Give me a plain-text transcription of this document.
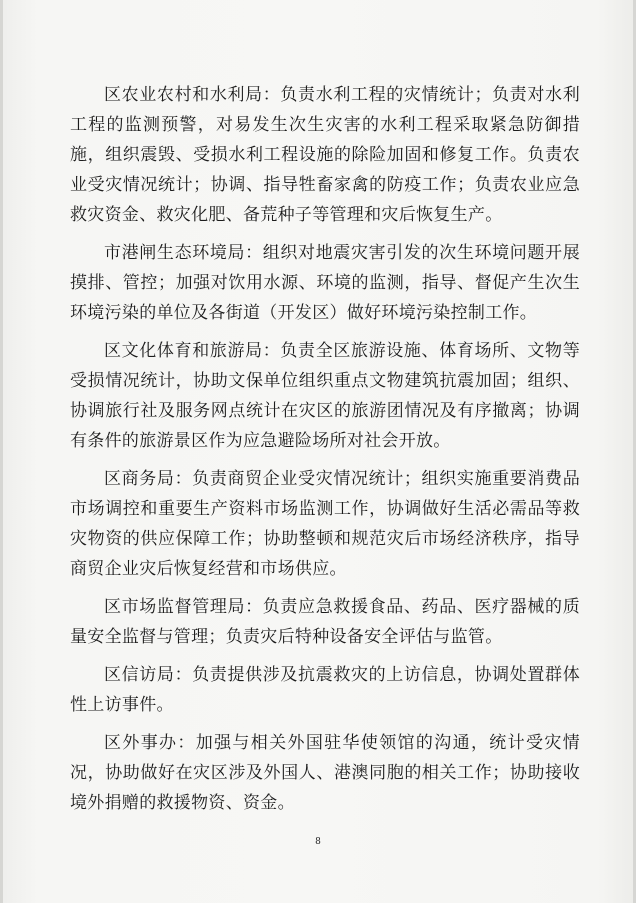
区农业农村和水利局：负责水利工程的灾情统计；负责对水利工程的监测预警，对易发生次生灾害的水利工程采取紧急防御措施，组织震毁、受损水利工程设施的除险加固和修复工作。负责农业受灾情况统计；协调、指导牲畜家禽的防疫工作；负责农业应急救灾资金、救灾化肥、备荒种子等管理和灾后恢复生产。

市港闸生态环境局：组织对地震灾害引发的次生环境问题开展摸排、管控；加强对饮用水源、环境的监测，指导、督促产生次生环境污染的单位及各街道（开发区）做好环境污染控制工作。

区文化体育和旅游局：负责全区旅游设施、体育场所、文物等受损情况统计，协助文保单位组织重点文物建筑抗震加固；组织、协调旅行社及服务网点统计在灾区的旅游团情况及有序撤离；协调有条件的旅游景区作为应急避险场所对社会开放。

区商务局：负责商贸企业受灾情况统计；组织实施重要消费品市场调控和重要生产资料市场监测工作，协调做好生活必需品等救灾物资的供应保障工作；协助整顿和规范灾后市场经济秩序，指导商贸企业灾后恢复经营和市场供应。

区市场监督管理局：负责应急救援食品、药品、医疗器械的质量安全监督与管理；负责灾后特种设备安全评估与监管。

区信访局：负责提供涉及抗震救灾的上访信息，协调处置群体性上访事件。

区外事办：加强与相关外国驻华使领馆的沟通，统计受灾情况，协助做好在灾区涉及外国人、港澳同胞的相关工作；协助接收境外捐赠的救援物资、资金。

8
